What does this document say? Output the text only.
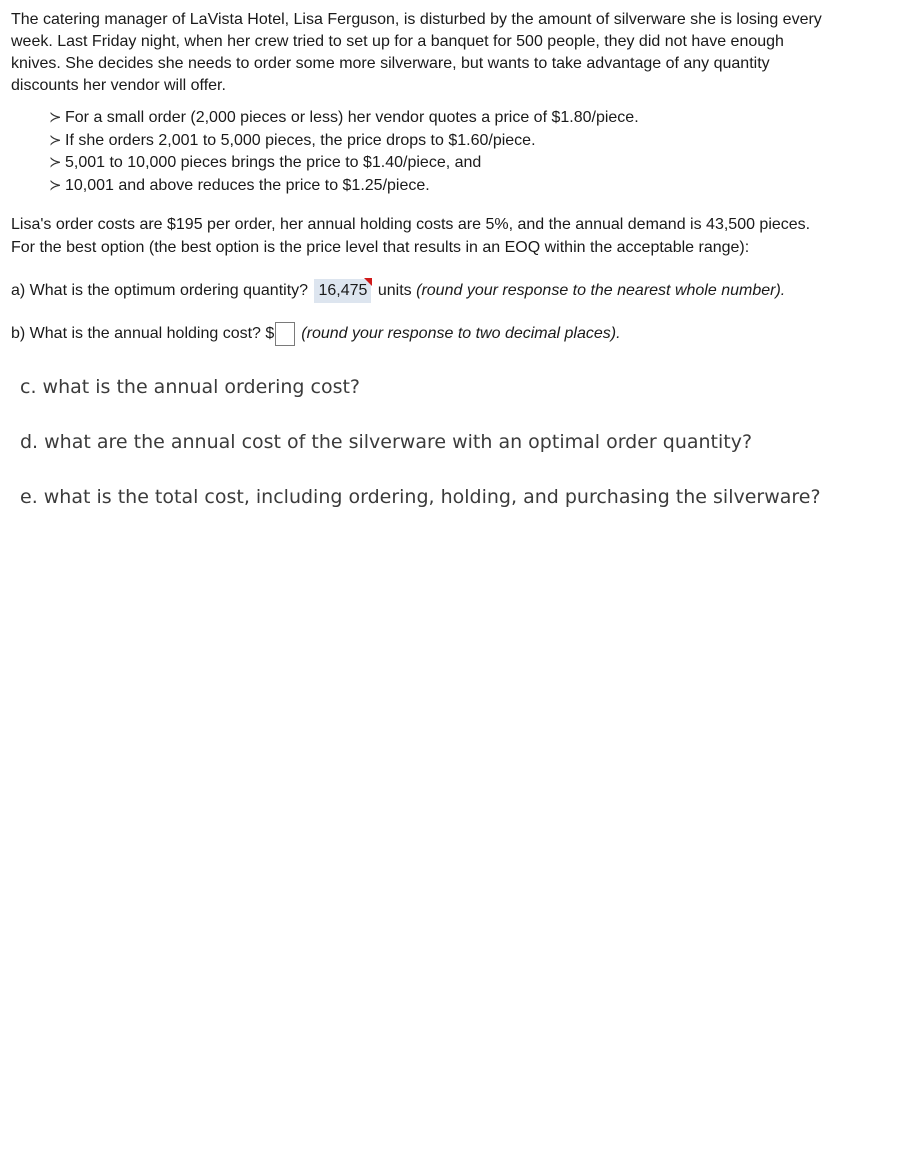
The catering manager of LaVista Hotel, Lisa Ferguson, is disturbed by the amount of silverware she is losing every week. Last Friday night, when her crew tried to set up for a banquet for 500 people, they did not have enough knives. She decides she needs to order some more silverware, but wants to take advantage of any quantity discounts her vendor will offer.

≻ For a small order (2,000 pieces or less) her vendor quotes a price of $1.80/piece.
≻ If she orders 2,001 to 5,000 pieces, the price drops to $1.60/piece.
≻ 5,001 to 10,000 pieces brings the price to $1.40/piece, and
≻ 10,001 and above reduces the price to $1.25/piece.

Lisa's order costs are $195 per order, her annual holding costs are 5%, and the annual demand is 43,500 pieces. For the best option (the best option is the price level that results in an EOQ within the acceptable range):

a) What is the optimum ordering quantity? 16,475 units (round your response to the nearest whole number).
b) What is the annual holding cost? $ (round your response to two decimal places).

c. what is the annual ordering cost?

d. what are the annual cost of the silverware with an optimal order quantity?

e. what is the total cost, including ordering, holding, and purchasing the silverware?
